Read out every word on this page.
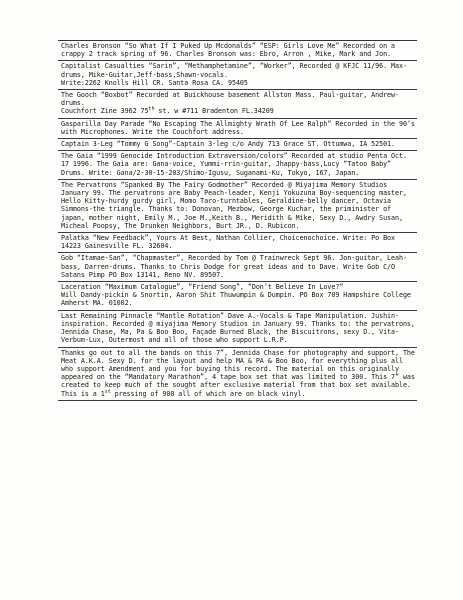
Charles Bronson “So What If I Puked Up Mcdonalds” “ESP: Girls Love Me” Recorded on a crappy 2 track spring of 96. Charles Bronson was: Ebro, Arron , Mike, Mark and Jon.

Capitalist Casualties “Sarin”, “Methamphetamine”, “Worker”, Recorded @ KFJC 11/96. Max-drums, Mike-Guitar,Jeff-bass,Shawn-vocals.

Write:2262 Knolls Hill CR. Santa Rosa CA. 95405

The Gooch “Boxbot” Recorded at Buickhouse basement Allston Mass. Paul-guitar, Andrew-drums.

Couchfort Zine 3962 75th st. w #711 Bradenton FL.34209

Gasparilla Day Parade “No Escaping The Allmighty Wrath Of Lee Ralph” Recorded in the 90’s with Microphones. Write the Couchfort address.

Captain 3-Leg “Tommy G Song”-Captain 3-leg c/o Andy 713 Grace ST. Ottumwa, IA 52501.

The Gaia “1999 Genocide Introduction Extraversion/colors” Recorded at studio Penta Oct. 17 1996. The Gaia are: Gana-voice, Yummi-rrin-guitar, Jhappy-bass,Lucy “Tatoo Baby” Drums. Write: Gana/2-30-15-203/Shimo-Igusu, Suganami-Ku, Tokyo, 167, Japan.

The Pervatrons “Spanked By The Fairy Godmother” Recorded @ Miyajima Memory Studios January 99. The pervatrons are Baby Peach-leader, Kenji Yokuzuna Boy-sequencing master, Hello Kitty-hurdy gurdy girl, Momo Taro-turntables, Geraldine-belly dancer, Octavia Simmons-the triangle. Thanks to: Donovan, Mezbow, George Kuchar, the priminister of japan, mother night, Emily M., Joe M.,Keith B., Meridith & Mike, Sexy D., Awdry Susan, Micheal Poopsy, The Drunken Neighbors, Burt JR., D. Rubicon.

Palatka “New Feedback”, Yours At Best, Nathan Collier, Choicenochoice. Write: Po Box 14223 Gainesville FL. 32604.

Gob “Itamae-San”, “Chapmaster”, Recorded by Tom @ Trainwreck Sept 96. Jon-guitar, Leah-bass, Darren-drums. Thanks to Chris Dodge for great ideas and to Dave. Write Gob C/O Satans Pimp PO Box 13141, Reno NV. 89507.

Laceration “Maximum Catalogue”, “Friend Song”, “Don’t Believe In Love?”

Will Dandy-pickin & Snortin, Aaron Shit Thuwumpin & Dumpin. PO Box 709 Hampshire College Amherst MA. 01002.

Last Remaining Pinnacle “Mantle Rotation” Dave A.-Vocals & Tape Manipulation. Jushin-inspiration. Recorded @ miyajima Memory Studios in January 99. Thanks to: the pervatrons, Jennida Chase, Ma, Pa & Boo Boo, Façade Burned Black, the Biscuitrons, sexy D., Vita-Verbum-Lux, Outermost and all of those who support L.R.P.

Thanks go out to all the bands on this 7”, Jennida Chase for photography and support, The Meat A.K.A. Sexy D. for the layout and help MA & PA & Boo Boo, for everything plus all who support Amendment and you for buying this record. The material on this originally appeared on the “Mandatory Marathon”, 4 tape box set that was limited to 300. This 7” was created to keep much of the sought after exclusive material from that box set available. This is a 1st pressing of 900 all of which are on black vinyl.
